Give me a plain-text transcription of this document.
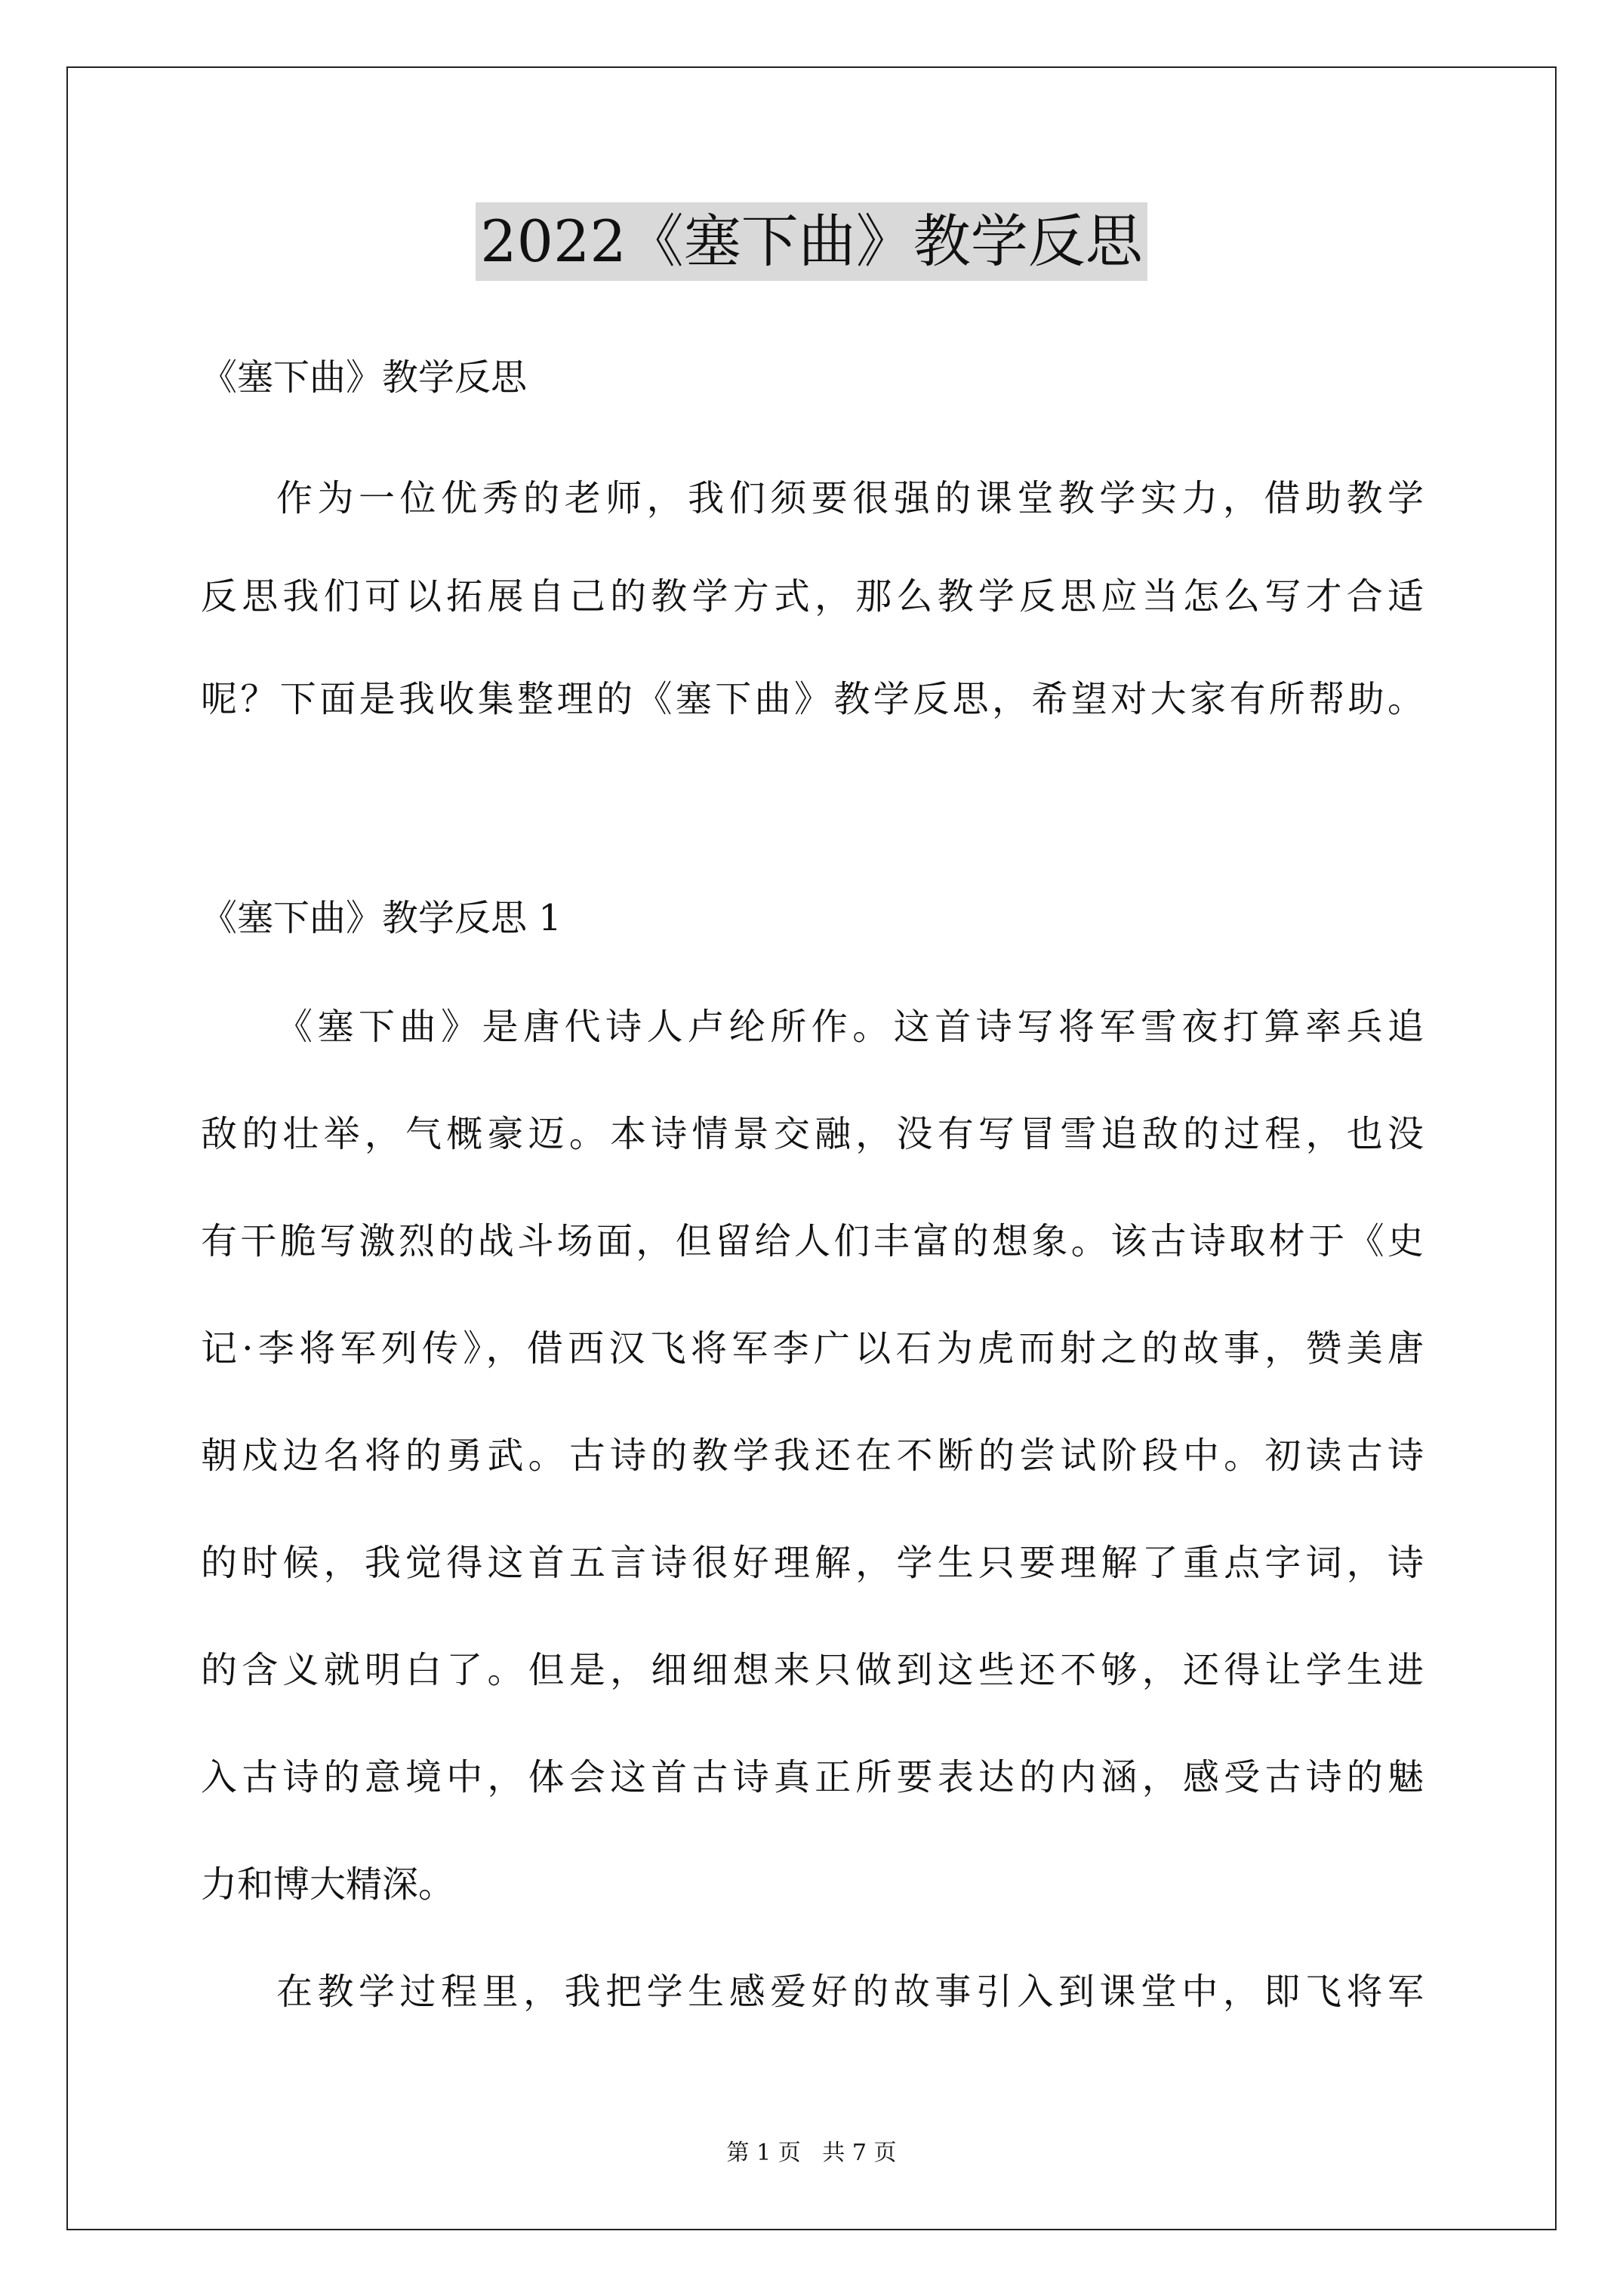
2022《塞下曲》教学反思
《塞下曲》教学反思
作为一位优秀的老师，我们须要很强的课堂教学实力，借助教学
反思我们可以拓展自己的教学方式，那么教学反思应当怎么写才合适
呢？下面是我收集整理的《塞下曲》教学反思，希望对大家有所帮助。
《塞下曲》教学反思 1
《塞下曲》是唐代诗人卢纶所作。这首诗写将军雪夜打算率兵追
敌的壮举，气概豪迈。本诗情景交融，没有写冒雪追敌的过程，也没
有干脆写激烈的战斗场面，但留给人们丰富的想象。该古诗取材于《史
记·李将军列传》，借西汉飞将军李广以石为虎而射之的故事，赞美唐
朝戍边名将的勇武。古诗的教学我还在不断的尝试阶段中。初读古诗
的时候，我觉得这首五言诗很好理解，学生只要理解了重点字词，诗
的含义就明白了。但是，细细想来只做到这些还不够，还得让学生进
入古诗的意境中，体会这首古诗真正所要表达的内涵，感受古诗的魅
力和博大精深。
在教学过程里，我把学生感爱好的故事引入到课堂中，即飞将军
第 1 页   共 7 页
